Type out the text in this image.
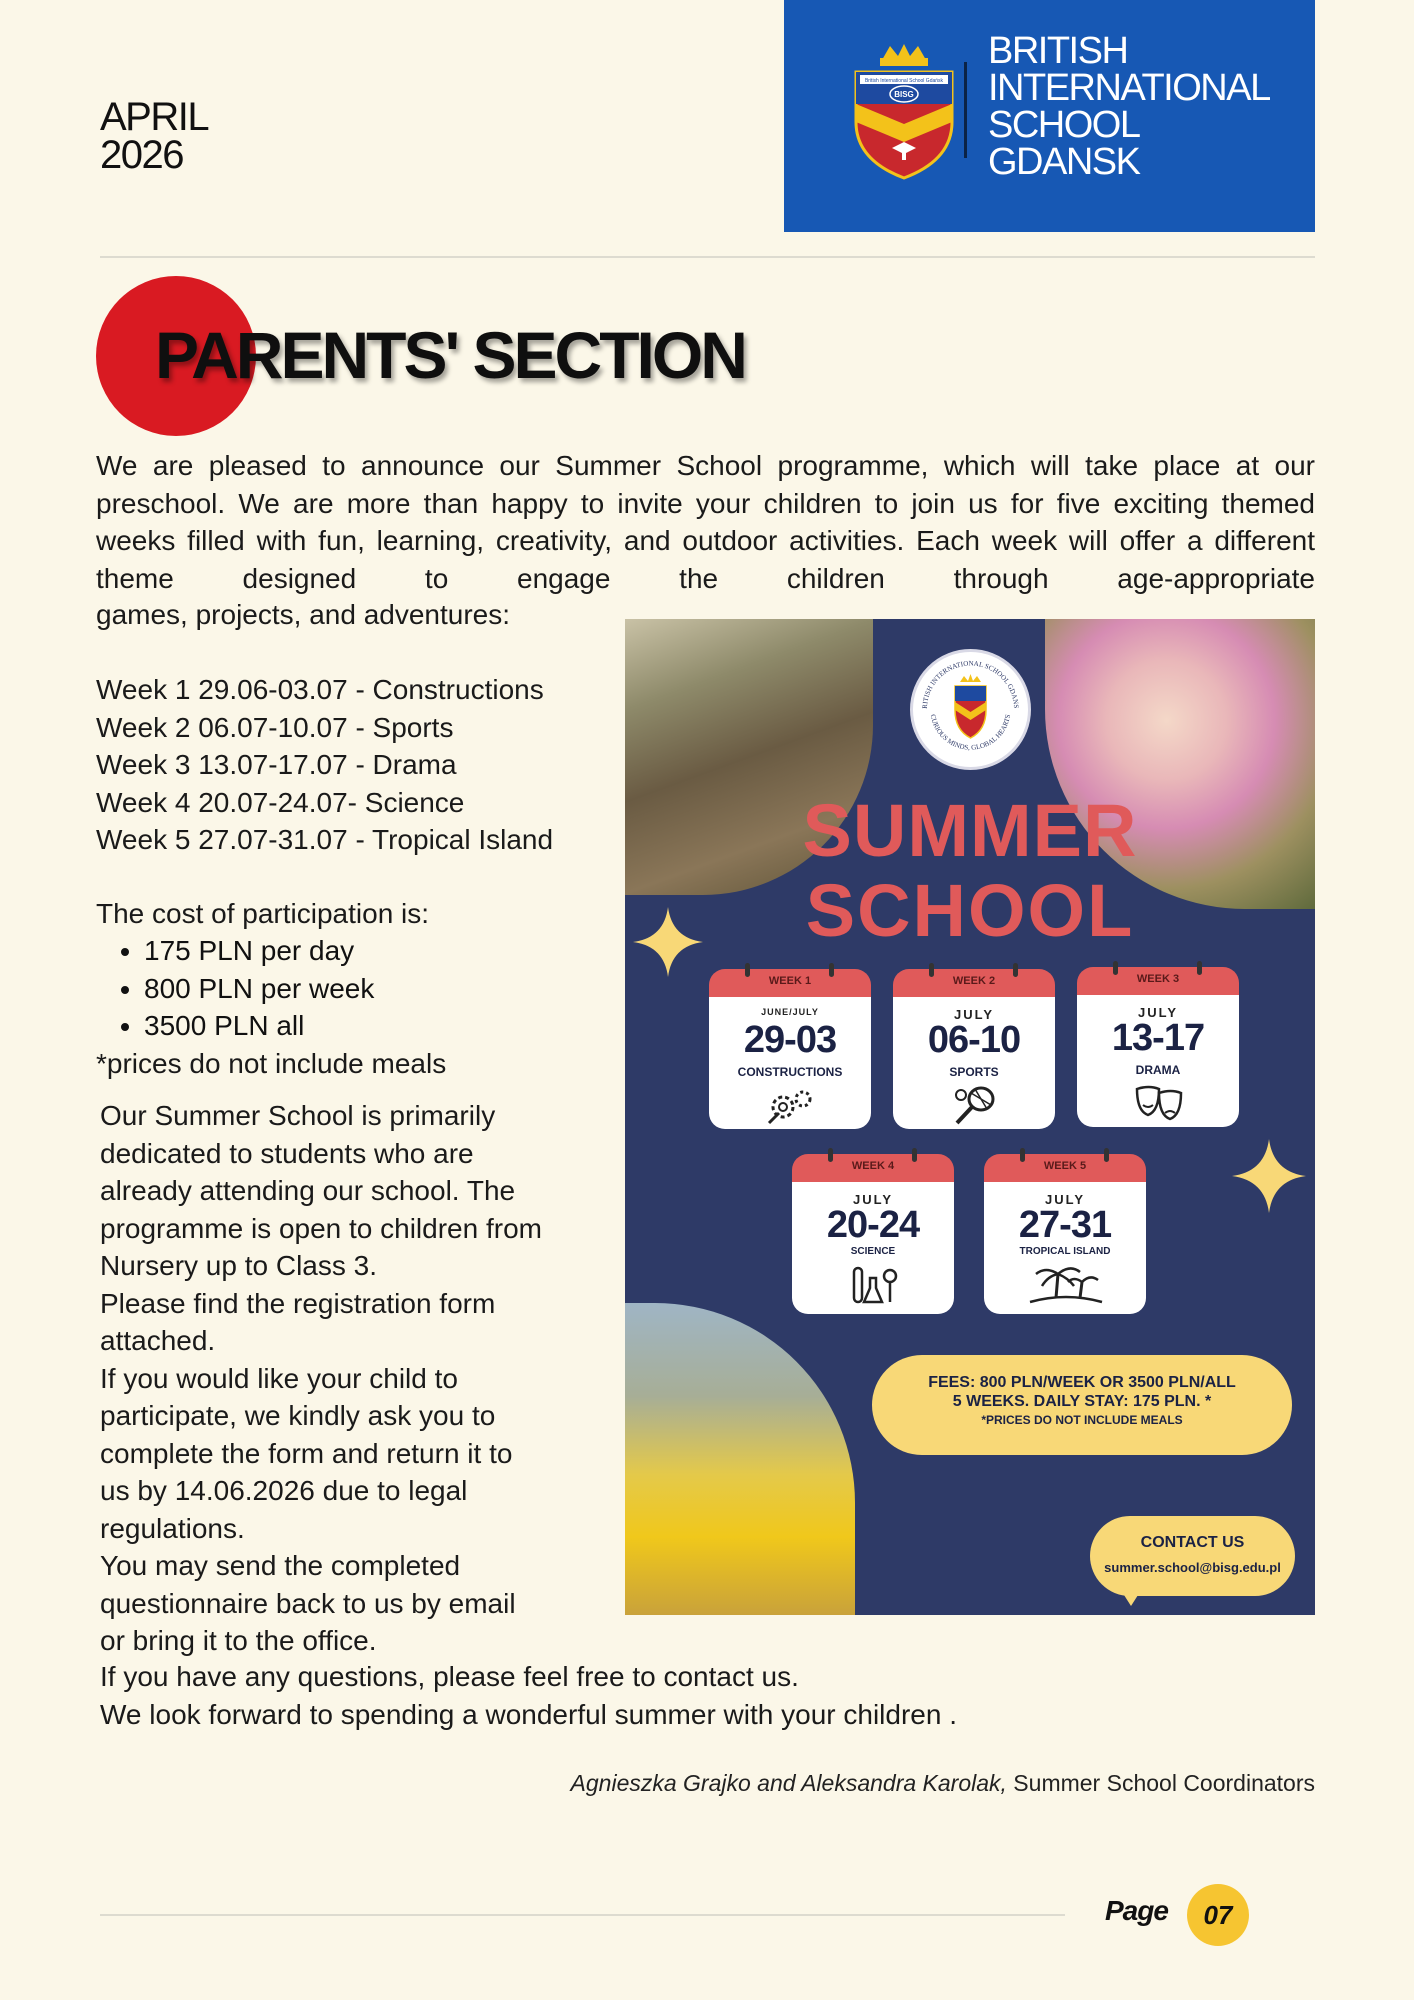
APRIL
2026
British International School Gdańsk
BISG
BRITISH
INTERNATIONAL
SCHOOL
GDANSK
PARENTS' SECTION
We are pleased to announce our Summer School programme, which will take place at our preschool. We are more than happy to invite your children to join us for five exciting themed weeks filled with fun, learning, creativity, and outdoor activities. Each week will offer a different theme designed to engage the children through age-appropriate
games, projects, and adventures:
Week 1 29.06-03.07 - Constructions
Week 2 06.07-10.07 - Sports
Week 3 13.07-17.07 - Drama
Week 4 20.07-24.07- Science
Week 5 27.07-31.07 - Tropical Island
The cost of participation is:
• 175 PLN per day
• 800 PLN per week
• 3500 PLN all
*prices do not include meals
Our Summer School is primarily
dedicated to students who are
already attending our school. The
programme is open to children from
Nursery up to Class 3.
Please find the registration form
attached.
If you would like your child to
participate, we kindly ask you to
complete the form and return it to
us by 14.06.2026 due to legal
regulations.
You may send the completed
questionnaire back to us by email
or bring it to the office.
If you have any questions, please feel free to contact us.
We look forward to spending a wonderful summer with your children .
Agnieszka Grajko and Aleksandra Karolak, Summer School Coordinators
RITISH INTERNATIONAL SCHOOL GDANS
CURIOUS MINDS, GLOBAL HEARTS
SUMMER
SCHOOL
WEEK 1
JUNE/JULY
29-03
CONSTRUCTIONS
WEEK 2
JULY
06-10
SPORTS
WEEK 3
JULY
13-17
DRAMA
WEEK 4
JULY
20-24
SCIENCE
WEEK 5
JULY
27-31
TROPICAL ISLAND
FEES: 800 PLN/WEEK OR 3500 PLN/ALL
5 WEEKS. DAILY STAY: 175 PLN. *
*PRICES DO NOT INCLUDE MEALS
CONTACT US
summer.school@bisg.edu.pl
Page	07
